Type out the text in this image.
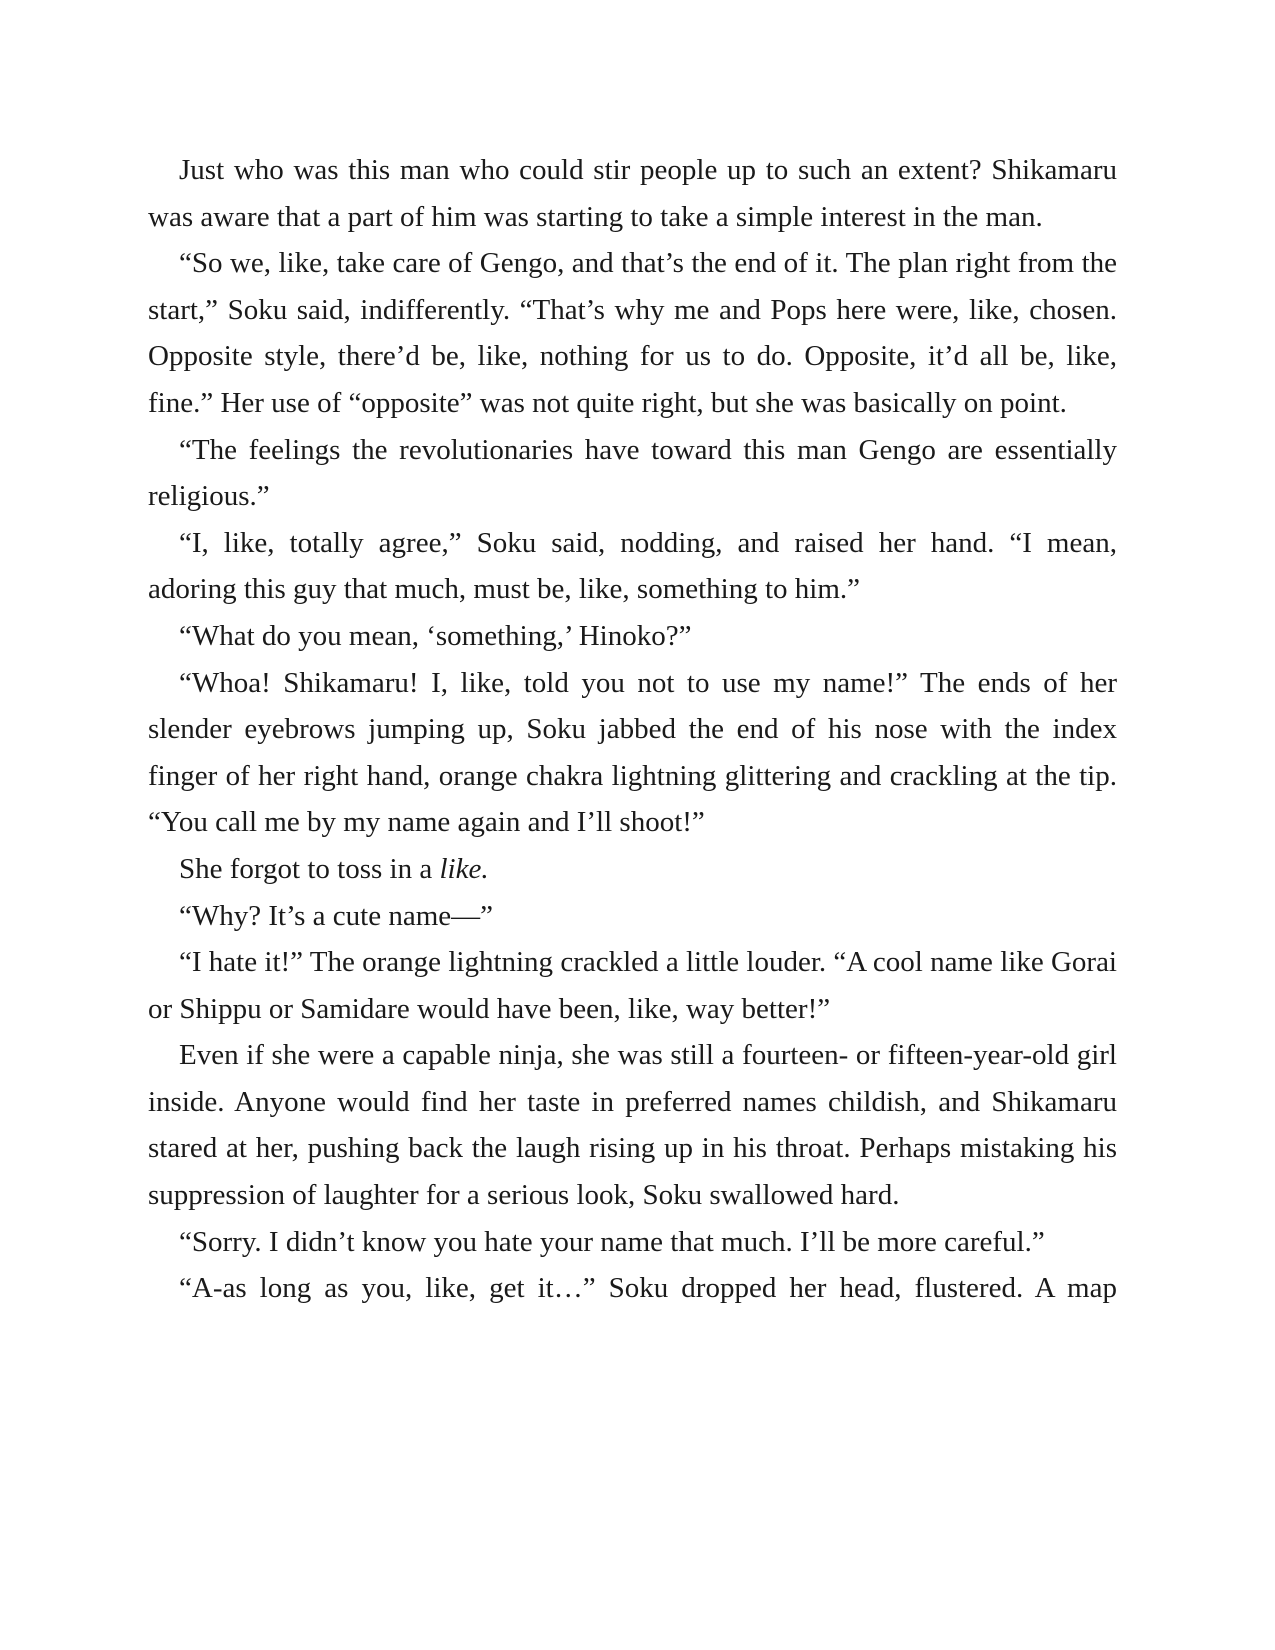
Just who was this man who could stir people up to such an extent? Shikamaru was aware that a part of him was starting to take a simple interest in the man.

“So we, like, take care of Gengo, and that’s the end of it. The plan right from the start,” Soku said, indifferently. “That’s why me and Pops here were, like, chosen. Opposite style, there’d be, like, nothing for us to do. Opposite, it’d all be, like, fine.” Her use of “opposite” was not quite right, but she was basically on point.

“The feelings the revolutionaries have toward this man Gengo are essentially religious.”

“I, like, totally agree,” Soku said, nodding, and raised her hand. “I mean, adoring this guy that much, must be, like, something to him.”

“What do you mean, ‘something,’ Hinoko?”

“Whoa! Shikamaru! I, like, told you not to use my name!” The ends of her slender eyebrows jumping up, Soku jabbed the end of his nose with the index finger of her right hand, orange chakra lightning glittering and crackling at the tip. “You call me by my name again and I’ll shoot!”

She forgot to toss in a like.

“Why? It’s a cute name—”

“I hate it!” The orange lightning crackled a little louder. “A cool name like Gorai or Shippu or Samidare would have been, like, way better!”

Even if she were a capable ninja, she was still a fourteen- or fifteen-year-old girl inside. Anyone would find her taste in preferred names childish, and Shikamaru stared at her, pushing back the laugh rising up in his throat. Perhaps mistaking his suppression of laughter for a serious look, Soku swallowed hard.

“Sorry. I didn’t know you hate your name that much. I’ll be more careful.”

“A-as long as you, like, get it…” Soku dropped her head, flustered. A map
